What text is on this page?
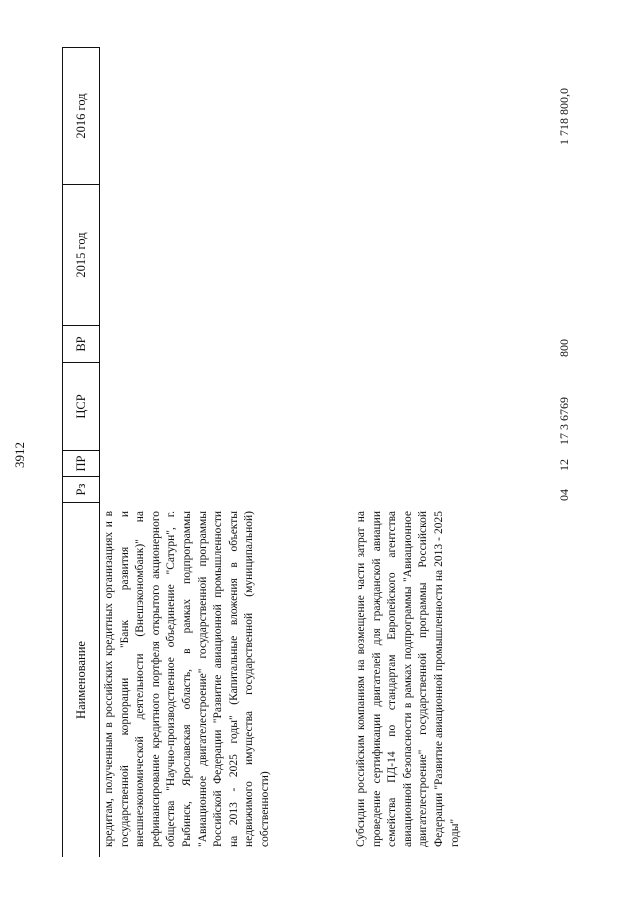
3912
Наименование
Рз
ПР
ЦСР
ВР
2015 год
2016 год
кредитам, полученным в российских кредитных организациях и в государственной корпорации "Банк развития и внешнеэкономической деятельности (Внешэкономбанк)" на рефинансирование кредитного портфеля открытого акционерного общества "Научно-производственное объединение "Сатурн", г. Рыбинск, Ярославская область, в рамках подпрограммы "Авиационное двигателестроение" государственной программы Российской Федерации "Развитие авиационной промышленности на 2013 - 2025 годы" (Капитальные вложения в объекты недвижимого имущества государственной (муниципальной) собственности)	Субсидии российским компаниям на возмещение части затрат на проведение сертификации двигателей для гражданской авиации семейства ПД-14 по стандартам Европейского агентства авиационной безопасности в рамках подпрограммы "Авиационное двигателестроение" государственной программы Российской Федерации "Развитие авиационной промышленности на 2013 - 2025 годы"
04
12
17 3 6769
800
1 718 800,0
